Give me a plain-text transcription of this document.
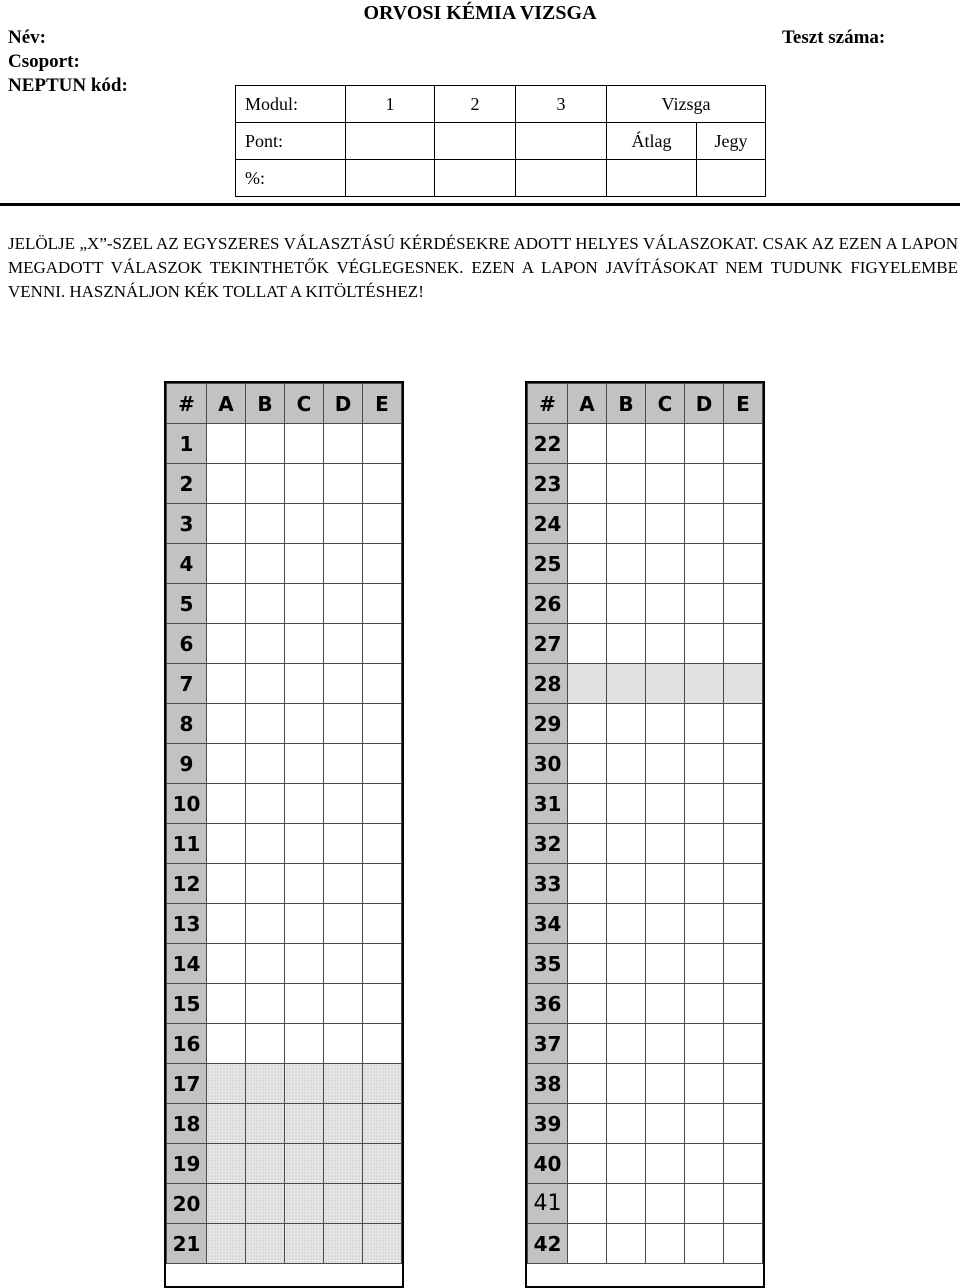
ORVOSI KÉMIA VIZSGA
Név:
Csoport:
NEPTUN kód:
Teszt száma:
Modul:	1	2	3	Vizsga	
Pont:				Átlag	Jegy
%:					
JELÖLJE „X”-SZEL AZ EGYSZERES VÁLASZTÁSÚ KÉRDÉSEKRE ADOTT HELYES VÁLASZOKAT. CSAK AZ EZEN A LAPON MEGADOTT VÁLASZOK TEKINTHETŐK VÉGLEGESNEK. EZEN A LAPON JAVÍTÁSOKAT NEM TUDUNK FIGYELEMBE VENNI. HASZNÁLJON KÉK TOLLAT A KITÖLTÉSHEZ!
#	A	B	C	D	E
1					
2					
3					
4					
5					
6					
7					
8					
9					
10					
11					
12					
13					
14					
15					
16					
17					
18					
19					
20					
21					
#	A	B	C	D	E
22					
23					
24					
25					
26					
27					
28					
29					
30					
31					
32					
33					
34					
35					
36					
37					
38					
39					
40					
41					
42					
